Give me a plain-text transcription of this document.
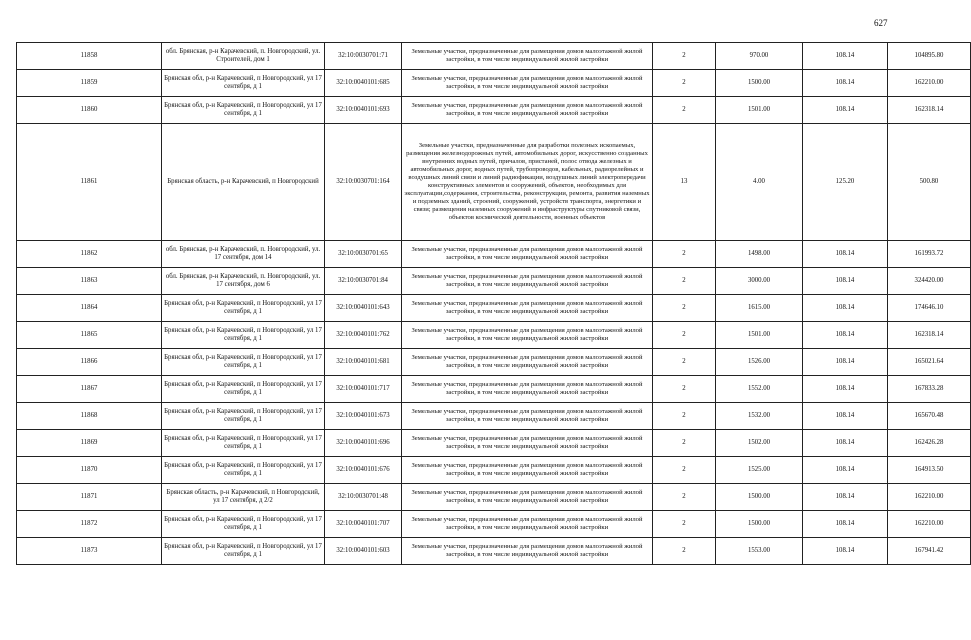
627
11858	обл. Брянская, р-н Карачевский, п. Новгородский, ул. Строителей, дом 1	32:10:0030701:71	Земельные участки, предназначенные для размещения домов малоэтажной жилой застройки, в том числе индивидуальной жилой застройки	2	970.00	108.14	104895.80
11859	Брянская обл, р-н Карачевский, п Новгородский, ул 17 сентября, д 1	32:10:0040101:685	Земельные участки, предназначенные для размещения домов малоэтажной жилой застройки, в том числе индивидуальной жилой застройки	2	1500.00	108.14	162210.00
11860	Брянская обл, р-н Карачевский, п Новгородский, ул 17 сентября, д 1	32:10:0040101:693	Земельные участки, предназначенные для размещения домов малоэтажной жилой застройки, в том числе индивидуальной жилой застройки	2	1501.00	108.14	162318.14
11861	Брянская область, р-н Карачевский, п Новгородский	32:10:0030701:164	Земельные участки, предназначенные для разработки полезных ископаемых, размещения железнодорожных путей, автомобильных дорог, искусственно созданных внутренних водных путей, причалов, пристаней, полос отвода железных и автомобильных дорог, водных путей, трубопроводов, кабельных, радиорелейных и воздушных линий связи и линий радиофикации, воздушных линий электропередачи конструктивных элементов и сооружений, объектов, необходимых для эксплуатации,содержания, строительства, реконструкции, ремонта, развития наземных и подземных зданий, строений, сооружений, устройств транспорта, энергетики и связи; размещения наземных сооружений и инфраструктуры спутниковой связи, объектов космической деятельности, военных объектов	13	4.00	125.20	500.80
11862	обл. Брянская, р-н Карачевский, п. Новгородский, ул. 17 сентября, дом 14	32:10:0030701:65	Земельные участки, предназначенные для размещения домов малоэтажной жилой застройки, в том числе индивидуальной жилой застройки	2	1498.00	108.14	161993.72
11863	обл. Брянская, р-н Карачевский, п. Новгородский, ул. 17 сентября, дом 6	32:10:0030701:84	Земельные участки, предназначенные для размещения домов малоэтажной жилой застройки, в том числе индивидуальной жилой застройки	2	3000.00	108.14	324420.00
11864	Брянская обл, р-н Карачевский, п Новгородский, ул 17 сентября, д 1	32:10:0040101:643	Земельные участки, предназначенные для размещения домов малоэтажной жилой застройки, в том числе индивидуальной жилой застройки	2	1615.00	108.14	174646.10
11865	Брянская обл, р-н Карачевский, п Новгородский, ул 17 сентября, д 1	32:10:0040101:762	Земельные участки, предназначенные для размещения домов малоэтажной жилой застройки, в том числе индивидуальной жилой застройки	2	1501.00	108.14	162318.14
11866	Брянская обл, р-н Карачевский, п Новгородский, ул 17 сентября, д 1	32:10:0040101:681	Земельные участки, предназначенные для размещения домов малоэтажной жилой застройки, в том числе индивидуальной жилой застройки	2	1526.00	108.14	165021.64
11867	Брянская обл, р-н Карачевский, п Новгородский, ул 17 сентября, д 1	32:10:0040101:717	Земельные участки, предназначенные для размещения домов малоэтажной жилой застройки, в том числе индивидуальной жилой застройки	2	1552.00	108.14	167833.28
11868	Брянская обл, р-н Карачевский, п Новгородский, ул 17 сентября, д 1	32:10:0040101:673	Земельные участки, предназначенные для размещения домов малоэтажной жилой застройки, в том числе индивидуальной жилой застройки	2	1532.00	108.14	165670.48
11869	Брянская обл, р-н Карачевский, п Новгородский, ул 17 сентября, д 1	32:10:0040101:696	Земельные участки, предназначенные для размещения домов малоэтажной жилой застройки, в том числе индивидуальной жилой застройки	2	1502.00	108.14	162426.28
11870	Брянская обл, р-н Карачевский, п Новгородский, ул 17 сентября, д 1	32:10:0040101:676	Земельные участки, предназначенные для размещения домов малоэтажной жилой застройки, в том числе индивидуальной жилой застройки	2	1525.00	108.14	164913.50
11871	Брянская область, р-н Карачевский, п Новгородский, ул 17 сентября, д 2/2	32:10:0030701:48	Земельные участки, предназначенные для размещения домов малоэтажной жилой застройки, в том числе индивидуальной жилой застройки	2	1500.00	108.14	162210.00
11872	Брянская обл, р-н Карачевский, п Новгородский, ул 17 сентября, д 1	32:10:0040101:707	Земельные участки, предназначенные для размещения домов малоэтажной жилой застройки, в том числе индивидуальной жилой застройки	2	1500.00	108.14	162210.00
11873	Брянская обл, р-н Карачевский, п Новгородский, ул 17 сентября, д 1	32:10:0040101:603	Земельные участки, предназначенные для размещения домов малоэтажной жилой застройки, в том числе индивидуальной жилой застройки	2	1553.00	108.14	167941.42
